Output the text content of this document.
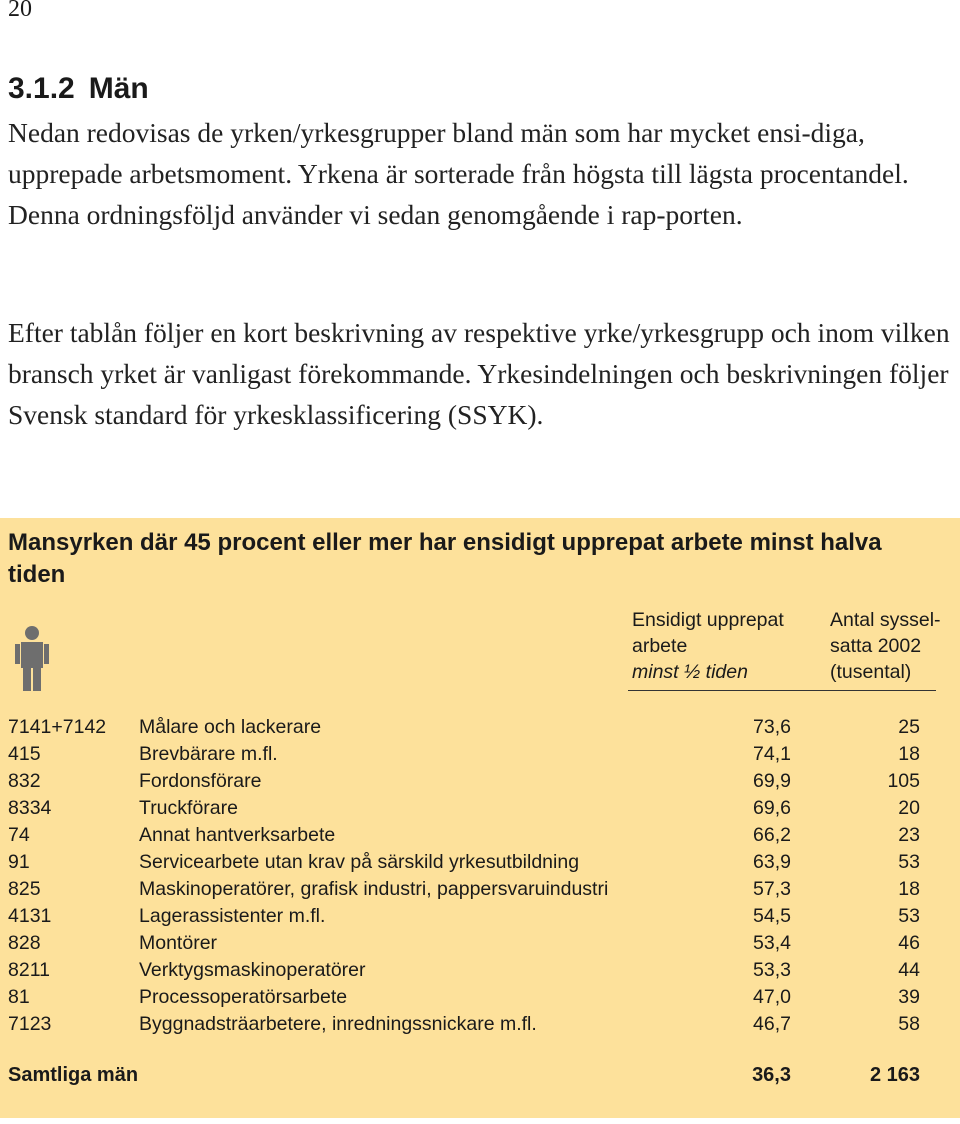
20
3.1.2 Män

Nedan redovisas de yrken/yrkesgrupper bland män som har mycket ensi-diga, upprepade arbetsmoment. Yrkena är sorterade från högsta till lägsta procentandel. Denna ordningsföljd använder vi sedan genomgående i rap-porten.

Efter tablån följer en kort beskrivning av respektive yrke/yrkesgrupp och inom vilken bransch yrket är vanligast förekommande. Yrkesindelningen och beskrivningen följer Svensk standard för yrkesklassificering (SSYK).

Mansyrken där 45 procent eller mer har ensidigt upprepat arbete minst halva tiden
Ensidigt upprepat
arbete
minst ½ tiden
Antal syssel-
satta 2002
(tusental)
7141+7142 Målare och lackerare	73,6	25
415	Brevbärare m.fl.	74,1	18
832	Fordonsförare	69,9	105
8334	Truckförare	69,6	20
74	Annat hantverksarbete	66,2	23
91	Servicearbete utan krav på särskild yrkesutbildning	63,9	53
825	Maskinoperatörer, grafisk industri, pappersvaruindustri	57,3	18
4131	Lagerassistenter m.fl.	54,5	53
828	Montörer	53,4	46
8211	Verktygsmaskinoperatörer	53,3	44
81	Processoperatörsarbete	47,0	39
7123	Byggnadsträarbetere, inredningssnickare m.fl.	46,7	58
Samtliga män	36,3	2 163
